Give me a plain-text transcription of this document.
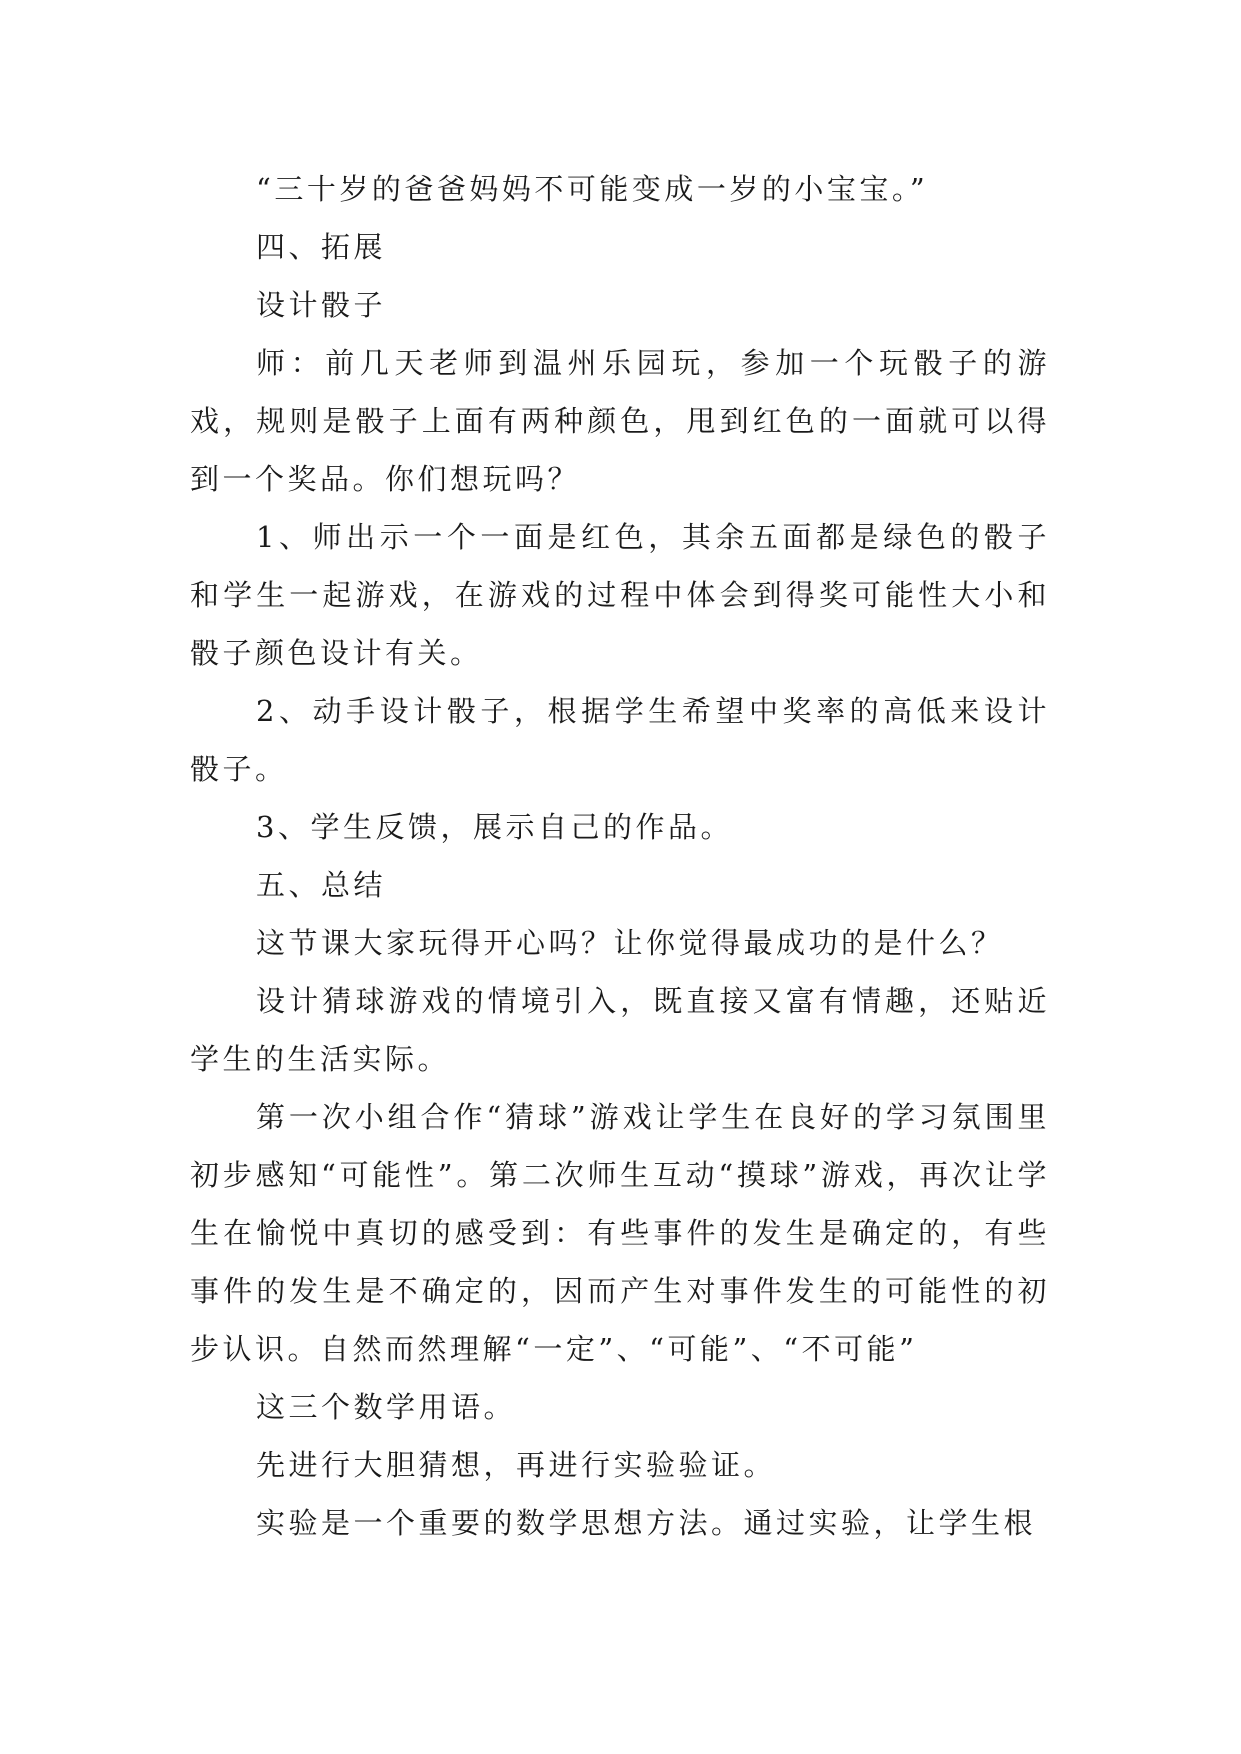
“三十岁的爸爸妈妈不可能变成一岁的小宝宝。”

四、拓展

设计骰子

师：前几天老师到温州乐园玩，参加一个玩骰子的游戏，规则是骰子上面有两种颜色，甩到红色的一面就可以得到一个奖品。你们想玩吗？

1、师出示一个一面是红色，其余五面都是绿色的骰子和学生一起游戏，在游戏的过程中体会到得奖可能性大小和骰子颜色设计有关。

2、动手设计骰子，根据学生希望中奖率的高低来设计骰子。

3、学生反馈，展示自己的作品。

五、总结

这节课大家玩得开心吗？让你觉得最成功的是什么？

设计猜球游戏的情境引入，既直接又富有情趣，还贴近学生的生活实际。

第一次小组合作“猜球”游戏让学生在良好的学习氛围里初步感知“可能性”。第二次师生互动“摸球”游戏，再次让学生在愉悦中真切的感受到：有些事件的发生是确定的，有些事件的发生是不确定的，因而产生对事件发生的可能性的初步认识。自然而然理解“一定”、“可能”、“不可能”

这三个数学用语。

先进行大胆猜想，再进行实验验证。

实验是一个重要的数学思想方法。通过实验，让学生根
